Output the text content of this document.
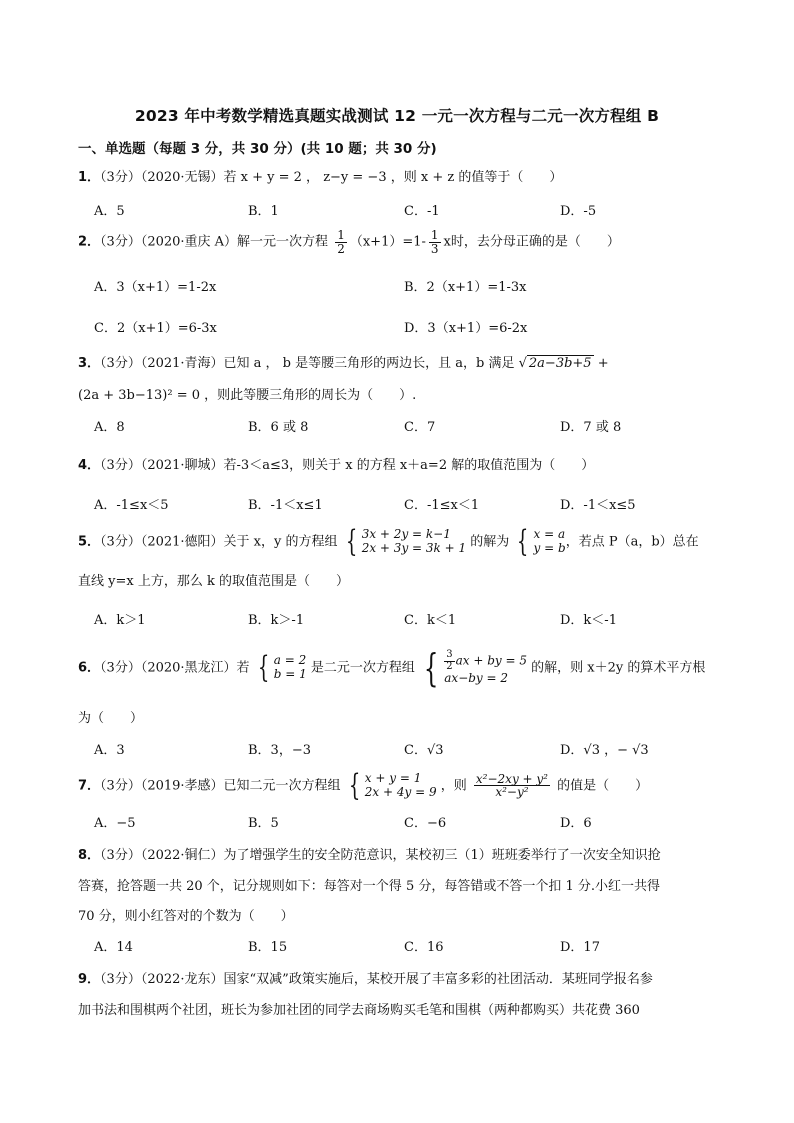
2023 年中考数学精选真题实战测试 12 一元一次方程与二元一次方程组 B
一、单选题（每题 3 分，共 30 分）(共 10 题；共 30 分)
1．（3分）（2020·无锡）若 x + y = 2 ， z−y = −3 ，则 x + z 的值等于（　　）
A．5	B．1	C．-1	D．-5
2．（3分）（2020·重庆 A）解一元一次方程 $\frac{1}{2} (x+1)=1- \frac{1}{3}$ x时，去分母正确的是（　　）
A．3（x+1）=1-2x	B．2（x+1）=1-3x
C．2（x+1）=6-3x	D．3（x+1）=6-2x
3．（3分）（2021·青海）已知 a ， b 是等腰三角形的两边长，且 a，b 满足 √ 2a−3b+5 +
(2a + 3b−13)² = 0 ，则此等腰三角形的周长为（　　）.
A．8	B．6 或 8	C．7	D．7 或 8
4．（3分）（2021·聊城）若-3＜a≤3，则关于 x 的方程 x＋a=2 解的取值范围为（　　）
A．-1≤x＜5	B．-1＜x≤1	C．-1≤x＜1	D．-1＜x≤5
5．（3分）（2021·德阳）关于 x，y 的方程组 { 3x + 2y = k−1
2x + 3y = 3k + 1 的解为 { x = a
y = b，若点 P（a，b）总在
直线 y=x 上方，那么 k 的取值范围是（　　）
A．k＞1	B．k＞-1	C．k＜1	D．k＜-1
6．（3分）（2020·黑龙江）若 { a = 2
b = 1 是二元一次方程组 { $\frac{3}{2}$ ax + by = 5
ax−by = 2 的解，则 x＋2y 的算术平方根
为（　　）
A．3	B．3，−3	C．√3	D．√3 ，− √3
7．（3分）（2019·孝感）已知二元一次方程组 { x + y = 1
2x + 4y = 9 ，则 $\frac{\text{x²−2xy + y²}}{\text{x²−y²}}$ 的值是（　　）
A．−5	B．5	C．−6	D．6
8．（3分）（2022·铜仁）为了增强学生的安全防范意识，某校初三（1）班班委举行了一次安全知识抢
答赛，抢答题一共 20 个，记分规则如下：每答对一个得 5 分，每答错或不答一个扣 1 分.小红一共得
70 分，则小红答对的个数为（　　）
A．14	B．15	C．16	D．17
9．（3分）（2022·龙东）国家“双减”政策实施后，某校开展了丰富多彩的社团活动．某班同学报名参
加书法和围棋两个社团，班长为参加社团的同学去商场购买毛笔和围棋（两种都购买）共花费 360
